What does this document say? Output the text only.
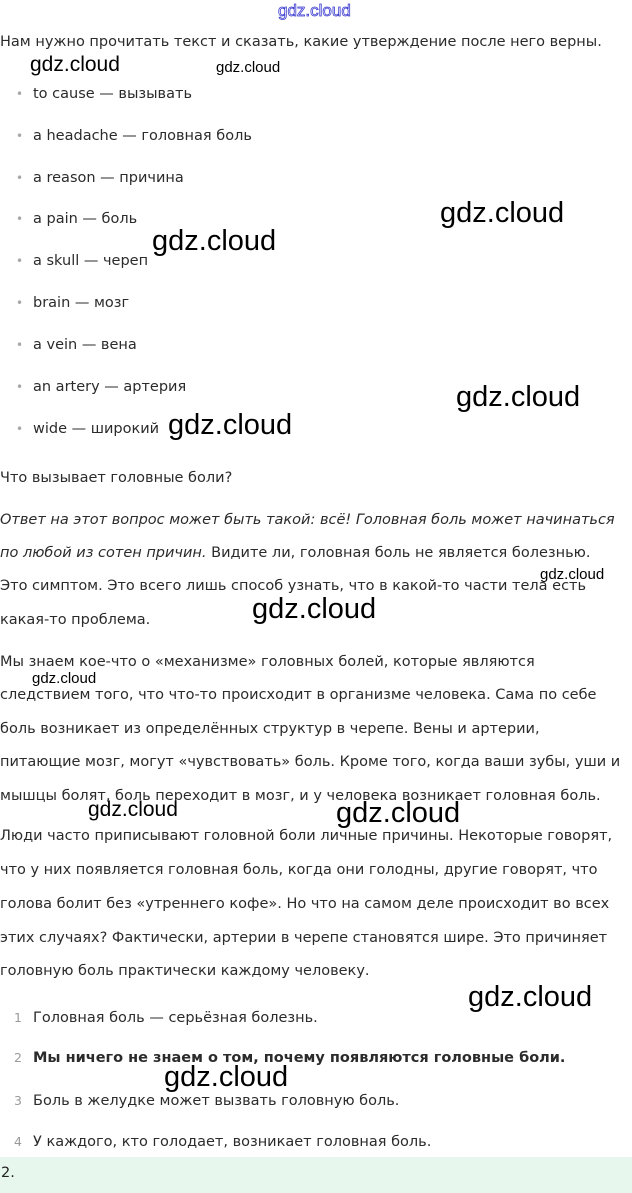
gdz.cloud
Нам нужно прочитать текст и сказать, какие утверждение после него верны.
• to cause — вызывать
• a headache — головная боль
• a reason — причина
• a pain — боль
• a skull — череп
• brain — мозг
• a vein — вена
• an artery — артерия
• wide — широкий
Что вызывает головные боли?
Ответ на этот вопрос может быть такой: всё! Головная боль может начинаться
по любой из сотен причин. Видите ли, головная боль не является болезнью.
Это симптом. Это всего лишь способ узнать, что в какой-то части тела есть
какая-то проблема.
Мы знаем кое-что о «механизме» головных болей, которые являются
следствием того, что что-то происходит в организме человека. Сама по себе
боль возникает из определённых структур в черепе. Вены и артерии,
питающие мозг, могут «чувствовать» боль. Кроме того, когда ваши зубы, уши и
мышцы болят, боль переходит в мозг, и у человека возникает головная боль.
Люди часто приписывают головной боли личные причины. Некоторые говорят,
что у них появляется головная боль, когда они голодны, другие говорят, что
голова болит без «утреннего кофе». Но что на самом деле происходит во всех
этих случаях? Фактически, артерии в черепе становятся шире. Это причиняет
головную боль практически каждому человеку.
1 Головная боль — серьёзная болезнь.
2 Мы ничего не знаем о том, почему появляются головные боли.
3 Боль в желудке может вызвать головную боль.
4 У каждого, кто голодает, возникает головная боль.
2.
gdz.cloud	gdz.cloud
gdz.cloud
gdz.cloud
gdz.cloud
gdz.cloud
gdz.cloud
gdz.cloud
gdz.cloud
gdz.cloud	gdz.cloud
gdz.cloud
gdz.cloud
